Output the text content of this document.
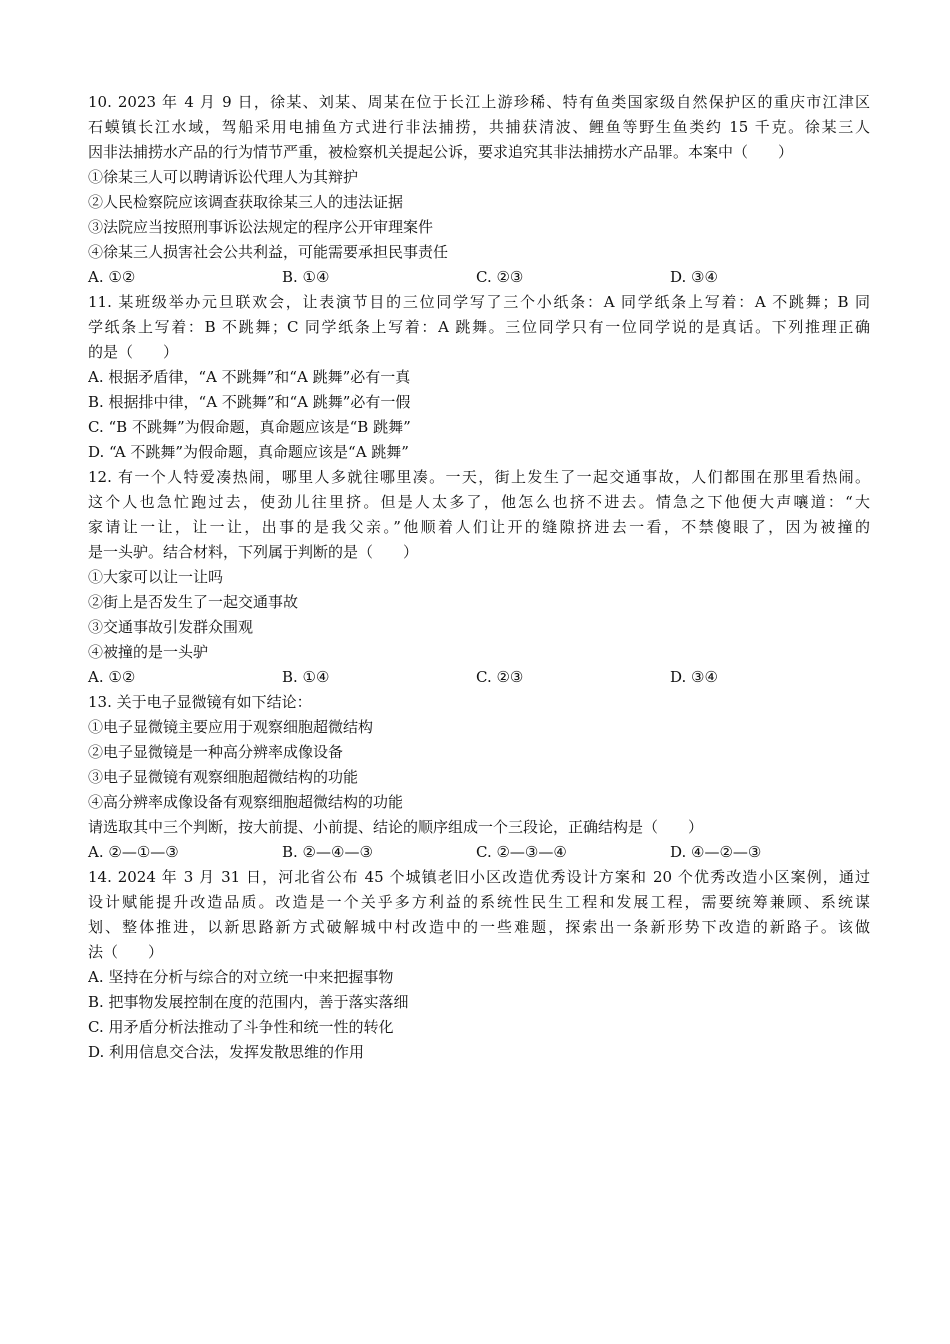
10. 2023 年 4 月 9 日，徐某、刘某、周某在位于长江上游珍稀、特有鱼类国家级自然保护区的重庆市江津区
石蟆镇长江水域，驾船采用电捕鱼方式进行非法捕捞，共捕获清波、鲤鱼等野生鱼类约 15 千克。徐某三人
因非法捕捞水产品的行为情节严重，被检察机关提起公诉，要求追究其非法捕捞水产品罪。本案中（　　）
①徐某三人可以聘请诉讼代理人为其辩护
②人民检察院应该调查获取徐某三人的违法证据
③法院应当按照刑事诉讼法规定的程序公开审理案件
④徐某三人损害社会公共利益，可能需要承担民事责任
A. ①②	B. ①④	C. ②③	D. ③④
11. 某班级举办元旦联欢会，让表演节目的三位同学写了三个小纸条：A 同学纸条上写着：A 不跳舞；B 同
学纸条上写着：B 不跳舞；C 同学纸条上写着：A 跳舞。三位同学只有一位同学说的是真话。下列推理正确
的是（　　）
A. 根据矛盾律，“A 不跳舞”和“A 跳舞”必有一真
B. 根据排中律，“A 不跳舞”和“A 跳舞”必有一假
C. “B 不跳舞”为假命题，真命题应该是“B 跳舞”
D. “A 不跳舞”为假命题，真命题应该是“A 跳舞”
12. 有一个人特爱凑热闹，哪里人多就往哪里凑。一天，街上发生了一起交通事故，人们都围在那里看热闹。
这个人也急忙跑过去，使劲儿往里挤。但是人太多了，他怎么也挤不进去。情急之下他便大声嚷道：“大
家请让一让，让一让，出事的是我父亲。”他顺着人们让开的缝隙挤进去一看，不禁傻眼了，因为被撞的
是一头驴。结合材料，下列属于判断的是（　　）
①大家可以让一让吗
②街上是否发生了一起交通事故
③交通事故引发群众围观
④被撞的是一头驴
A. ①②	B. ①④	C. ②③	D. ③④
13. 关于电子显微镜有如下结论：
①电子显微镜主要应用于观察细胞超微结构
②电子显微镜是一种高分辨率成像设备
③电子显微镜有观察细胞超微结构的功能
④高分辨率成像设备有观察细胞超微结构的功能
请选取其中三个判断，按大前提、小前提、结论的顺序组成一个三段论，正确结构是（　　）
A. ②—①—③	B. ②—④—③	C. ②—③—④	D. ④—②—③
14. 2024 年 3 月 31 日，河北省公布 45 个城镇老旧小区改造优秀设计方案和 20 个优秀改造小区案例，通过
设计赋能提升改造品质。改造是一个关乎多方利益的系统性民生工程和发展工程，需要统筹兼顾、系统谋
划、整体推进，以新思路新方式破解城中村改造中的一些难题，探索出一条新形势下改造的新路子。该做
法（　　）
A. 坚持在分析与综合的对立统一中来把握事物
B. 把事物发展控制在度的范围内，善于落实落细
C. 用矛盾分析法推动了斗争性和统一性的转化
D. 利用信息交合法，发挥发散思维的作用
